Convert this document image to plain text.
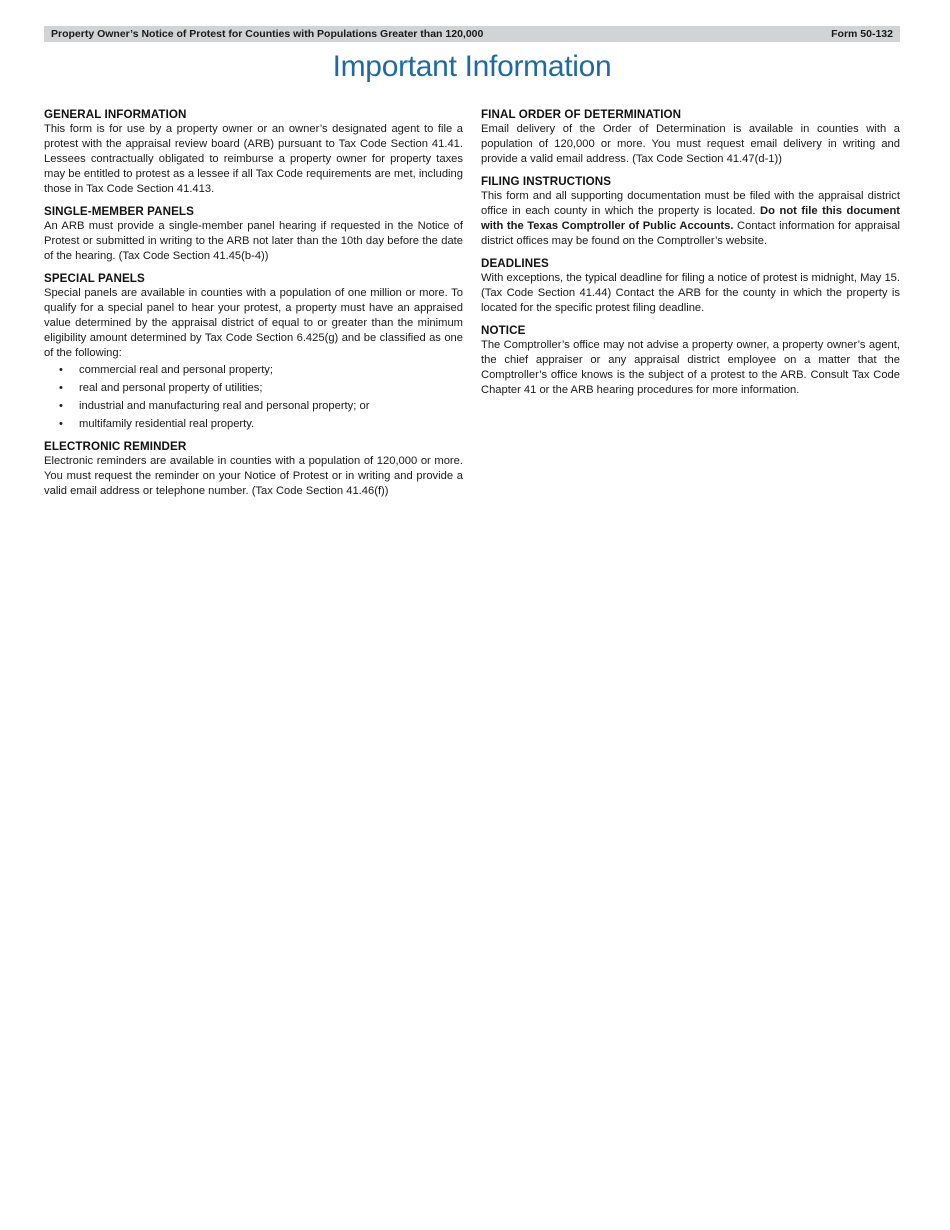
Property Owner’s Notice of Protest for Counties with Populations Greater than 120,000	Form 50-132
Important Information
GENERAL INFORMATION

This form is for use by a property owner or an owner’s designated agent to file a protest with the appraisal review board (ARB) pursuant to Tax Code Section 41.41. Lessees contractually obligated to reimburse a property owner for property taxes may be entitled to protest as a lessee if all Tax Code requirements are met, including those in Tax Code Section 41.413.

SINGLE-MEMBER PANELS

An ARB must provide a single-member panel hearing if requested in the Notice of Protest or submitted in writing to the ARB not later than the 10th day before the date of the hearing. (Tax Code Section 41.45(b-4))

SPECIAL PANELS

Special panels are available in counties with a population of one million or more. To qualify for a special panel to hear your protest, a property must have an appraised value determined by the appraisal district of equal to or greater than the minimum eligibility amount determined by Tax Code Section 6.425(g) and be classified as one of the following:

• commercial real and personal property;
• real and personal property of utilities;
• industrial and manufacturing real and personal property; or
• multifamily residential real property.
ELECTRONIC REMINDER

Electronic reminders are available in counties with a population of 120,000 or more. You must request the reminder on your Notice of Protest or in writing and provide a valid email address or telephone number. (Tax Code Section 41.46(f))

FINAL ORDER OF DETERMINATION

Email delivery of the Order of Determination is available in counties with a population of 120,000 or more. You must request email delivery in writing and provide a valid email address. (Tax Code Section 41.47(d-1))

FILING INSTRUCTIONS

This form and all supporting documentation must be filed with the appraisal district office in each county in which the property is located. Do not file this document with the Texas Comptroller of Public Accounts. Contact information for appraisal district offices may be found on the Comptroller’s website.

DEADLINES

With exceptions, the typical deadline for filing a notice of protest is midnight, May 15. (Tax Code Section 41.44) Contact the ARB for the county in which the property is located for the specific protest filing deadline.

NOTICE

The Comptroller’s office may not advise a property owner, a property owner’s agent, the chief appraiser or any appraisal district employee on a matter that the Comptroller’s office knows is the subject of a protest to the ARB. Consult Tax Code Chapter 41 or the ARB hearing procedures for more information.
